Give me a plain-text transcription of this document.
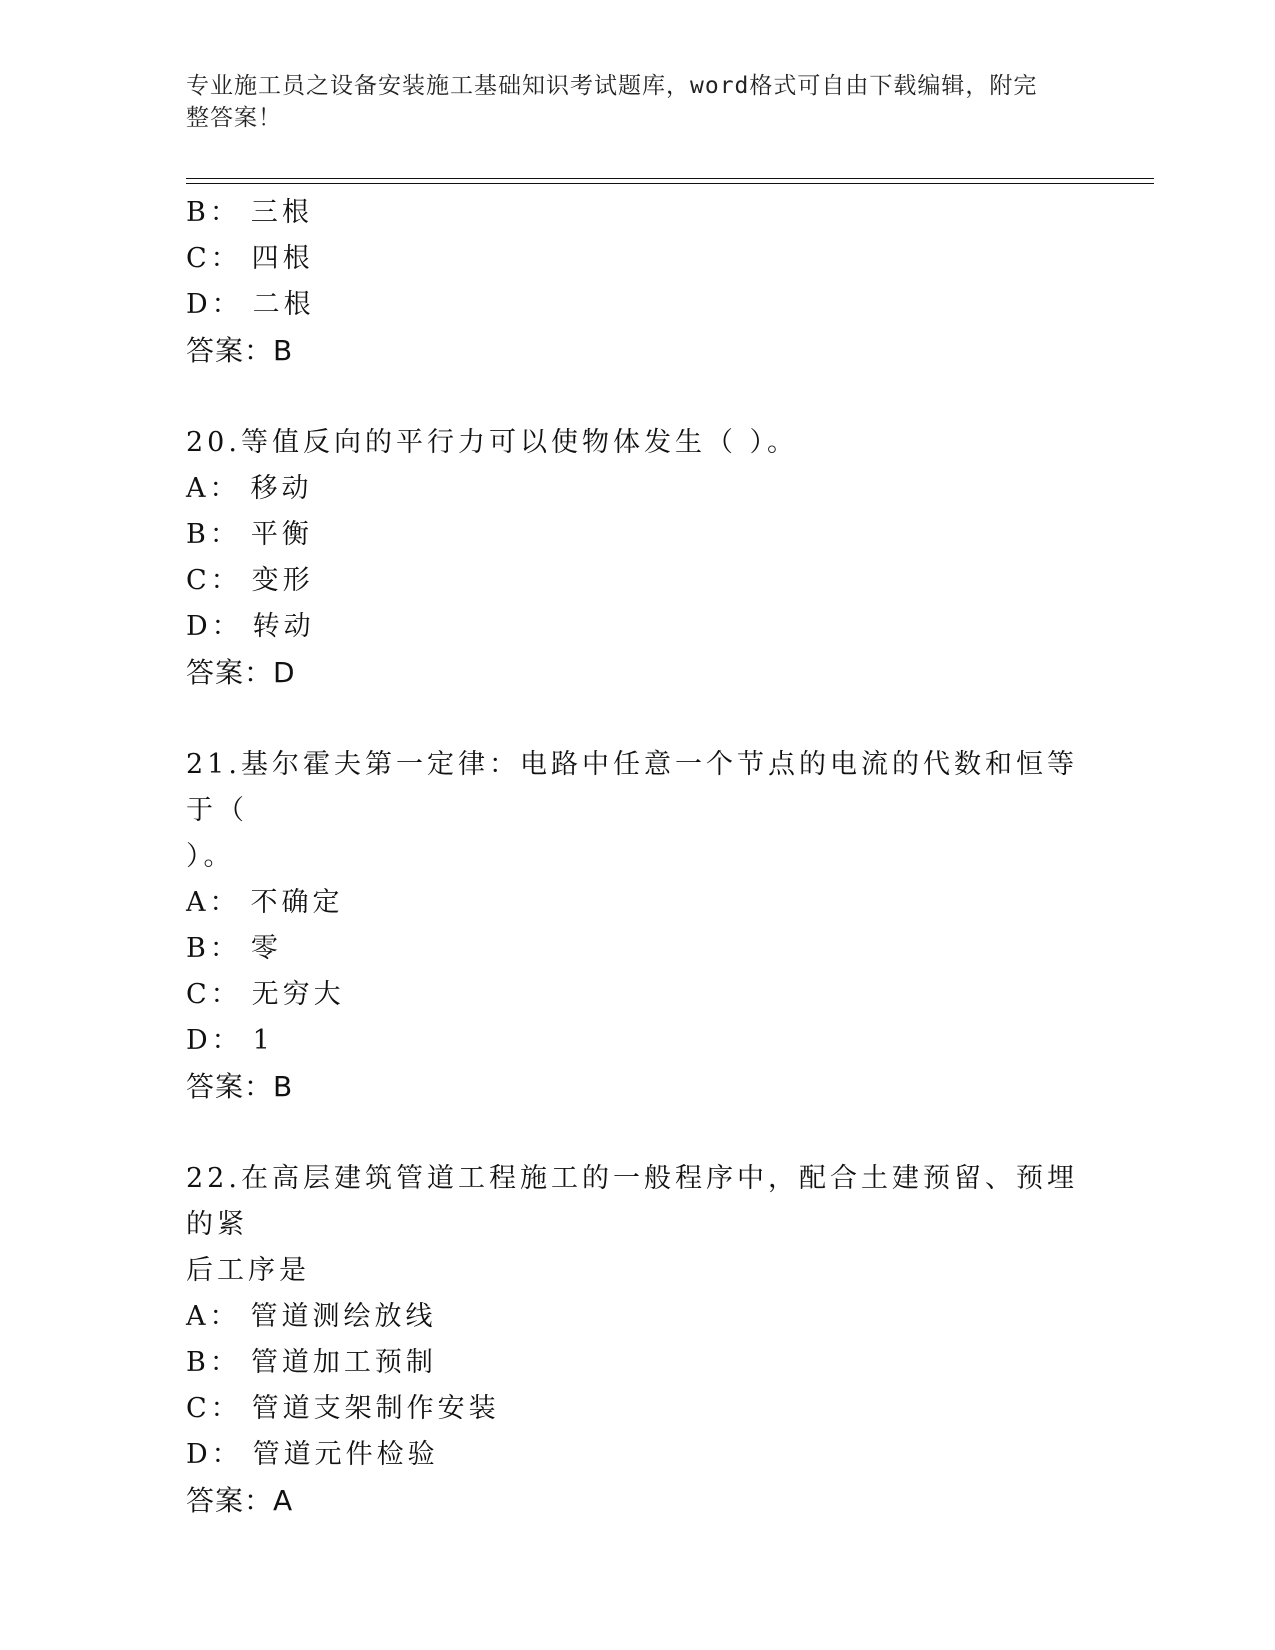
专业施工员之设备安装施工基础知识考试题库，word格式可自由下载编辑，附完
整答案！
B： 三根
C： 四根
D： 二根
答案：B
20.等值反向的平行力可以使物体发生（ ）。
A： 移动
B： 平衡
C： 变形
D： 转动
答案：D
21.基尔霍夫第一定律：电路中任意一个节点的电流的代数和恒等于（
）。
A： 不确定
B： 零
C： 无穷大
D： 1
答案：B
22.在高层建筑管道工程施工的一般程序中，配合土建预留、预埋的紧
后工序是
A： 管道测绘放线
B： 管道加工预制
C： 管道支架制作安装
D： 管道元件检验
答案：A
